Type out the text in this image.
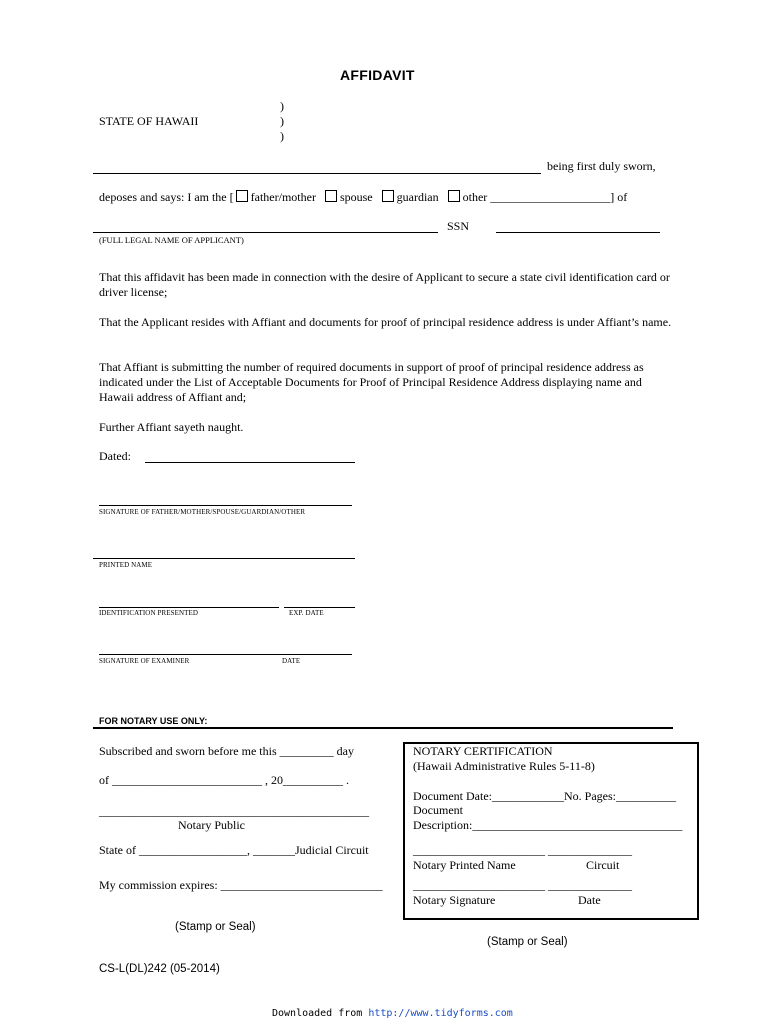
AFFIDAVIT
)
)
)
STATE OF HAWAII
being first duly sworn,
deposes and says: I am the [ father/mother spouse guardian other ____________________] of
SSN
(FULL LEGAL NAME OF APPLICANT)
That this affidavit has been made in connection with the desire of Applicant to secure a state civil identification card or driver license;
That the Applicant resides with Affiant and documents for proof of principal residence address is under Affiant’s name.
That Affiant is submitting the number of required documents in support of proof of principal residence address as indicated under the List of Acceptable Documents for Proof of Principal Residence Address displaying name and Hawaii address of Affiant and;
Further Affiant sayeth naught.
Dated:
SIGNATURE OF FATHER/MOTHER/SPOUSE/GUARDIAN/OTHER
PRINTED NAME
IDENTIFICATION PRESENTED	EXP. DATE
SIGNATURE OF EXAMINER	DATE
FOR NOTARY USE ONLY:
Subscribed and sworn before me this _________ day
of _________________________ , 20__________ .
_____________________________________________
Notary Public
State of __________________, _______Judicial Circuit
My commission expires: ___________________________
(Stamp or Seal)
NOTARY CERTIFICATION
(Hawaii Administrative Rules 5-11-8)
Document Date:____________No. Pages:__________
Document
Description:___________________________________
______________________ ______________
Notary Printed Name	Circuit
______________________ ______________
Notary Signature	Date
(Stamp or Seal)
CS-L(DL)242 (05-2014)
Downloaded from http://www.tidyforms.com
